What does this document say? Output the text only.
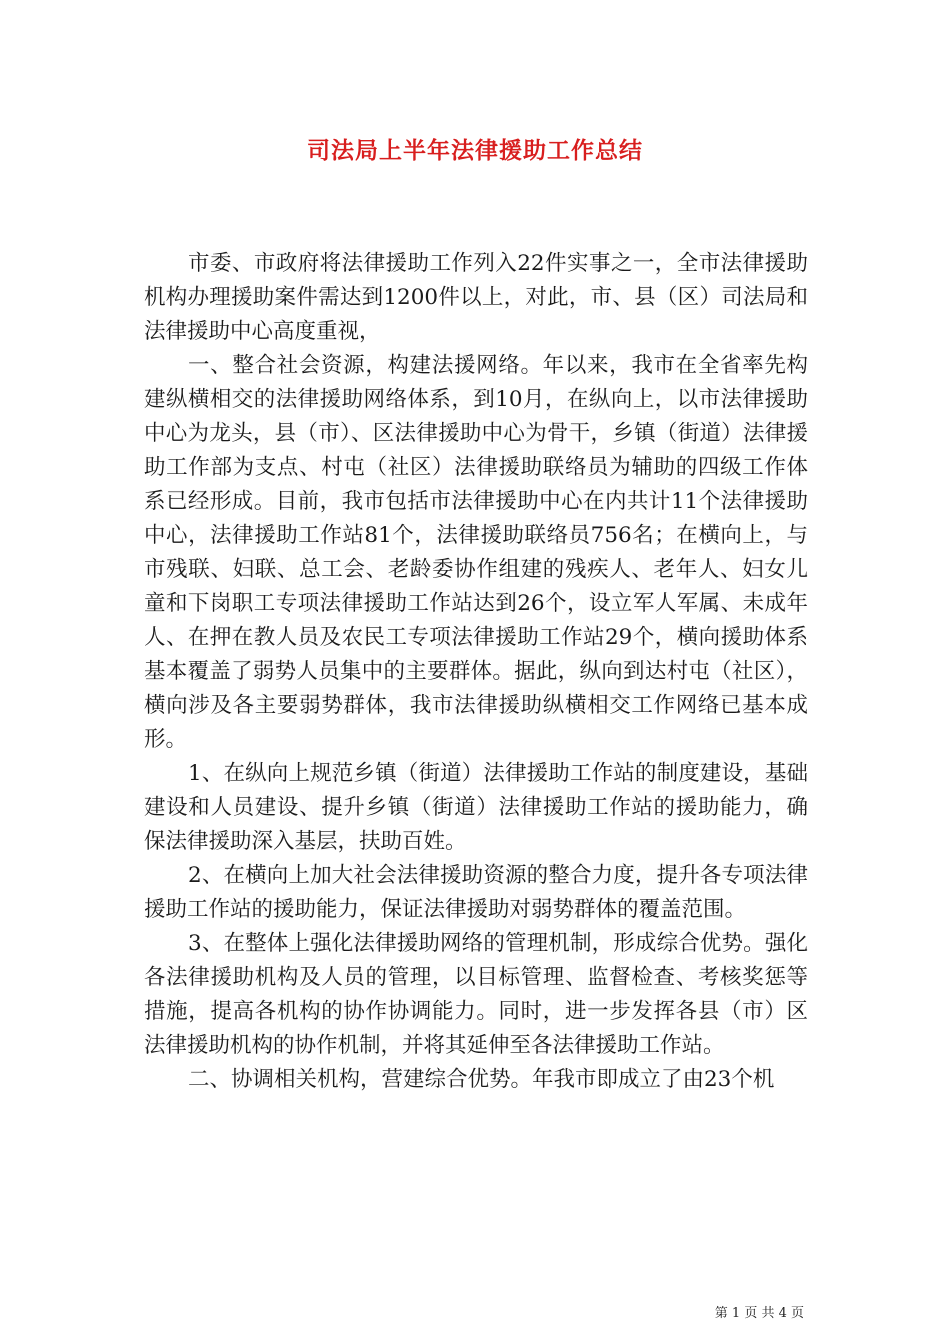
司法局上半年法律援助工作总结

市委、市政府将法律援助工作列入22件实事之一，全市法律援助机构办理援助案件需达到1200件以上，对此，市、县（区）司法局和法律援助中心高度重视，

一、整合社会资源，构建法援网络。年以来，我市在全省率先构建纵横相交的法律援助网络体系，到10月，在纵向上，以市法律援助中心为龙头，县（市）、区法律援助中心为骨干，乡镇（街道）法律援助工作部为支点、村屯（社区）法律援助联络员为辅助的四级工作体系已经形成。目前，我市包括市法律援助中心在内共计11个法律援助中心，法律援助工作站81个，法律援助联络员756名；在横向上，与市残联、妇联、总工会、老龄委协作组建的残疾人、老年人、妇女儿童和下岗职工专项法律援助工作站达到26个，设立军人军属、未成年人、在押在教人员及农民工专项法律援助工作站29个，横向援助体系基本覆盖了弱势人员集中的主要群体。据此，纵向到达村屯（社区），横向涉及各主要弱势群体，我市法律援助纵横相交工作网络已基本成形。

1、在纵向上规范乡镇（街道）法律援助工作站的制度建设，基础建设和人员建设、提升乡镇（街道）法律援助工作站的援助能力，确保法律援助深入基层，扶助百姓。

2、在横向上加大社会法律援助资源的整合力度，提升各专项法律援助工作站的援助能力，保证法律援助对弱势群体的覆盖范围。

3、在整体上强化法律援助网络的管理机制，形成综合优势。强化各法律援助机构及人员的管理，以目标管理、监督检查、考核奖惩等措施，提高各机构的协作协调能力。同时，进一步发挥各县（市）区法律援助机构的协作机制，并将其延伸至各法律援助工作站。

二、协调相关机构，营建综合优势。年我市即成立了由23个机

第 1 页 共 4 页
